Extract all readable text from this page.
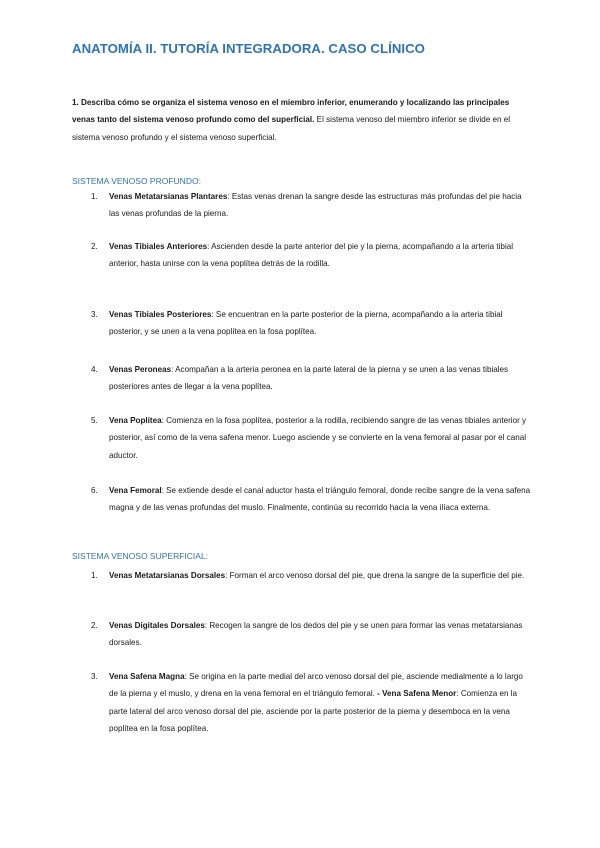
ANATOMÍA II. TUTORÍA INTEGRADORA. CASO CLÍNICO
1. Describa cómo se organiza el sistema venoso en el miembro inferior, enumerando y localizando las principales venas tanto del sistema venoso profundo como del superficial. El sistema venoso del miembro inferior se divide en el sistema venoso profundo y el sistema venoso superficial.
SISTEMA VENOSO PROFUNDO:
1. Venas Metatarsianas Plantares: Estas venas drenan la sangre desde las estructuras más profundas del pie hacia las venas profundas de la pierna.
2. Venas Tibiales Anteriores: Ascienden desde la parte anterior del pie y la pierna, acompañando a la arteria tibial anterior, hasta unirse con la vena poplítea detrás de la rodilla.
3. Venas Tibiales Posteriores: Se encuentran en la parte posterior de la pierna, acompañando a la arteria tibial posterior, y se unen a la vena poplítea en la fosa poplítea.
4. Venas Peroneas: Acompañan a la arteria peronea en la parte lateral de la pierna y se unen a las venas tibiales posteriores antes de llegar a la vena poplítea.
5. Vena Poplítea: Comienza en la fosa poplítea, posterior a la rodilla, recibiendo sangre de las venas tibiales anterior y posterior, así como de la vena safena menor. Luego asciende y se convierte en la vena femoral al pasar por el canal aductor.
6. Vena Femoral: Se extiende desde el canal aductor hasta el triángulo femoral, donde recibe sangre de la vena safena magna y de las venas profundas del muslo. Finalmente, continúa su recorrido hacia la vena ilíaca externa.
SISTEMA VENOSO SUPERFICIAL:
1. Venas Metatarsianas Dorsales: Forman el arco venoso dorsal del pie, que drena la sangre de la superficie del pie.
2. Venas Digitales Dorsales: Recogen la sangre de los dedos del pie y se unen para formar las venas metatarsianas dorsales.
3. Vena Safena Magna: Se origina en la parte medial del arco venoso dorsal del pie, asciende medialmente a lo largo de la pierna y el muslo, y drena en la vena femoral en el triángulo femoral. - Vena Safena Menor: Comienza en la parte lateral del arco venoso dorsal del pie, asciende por la parte posterior de la pierna y desemboca en la vena poplítea en la fosa poplítea.
